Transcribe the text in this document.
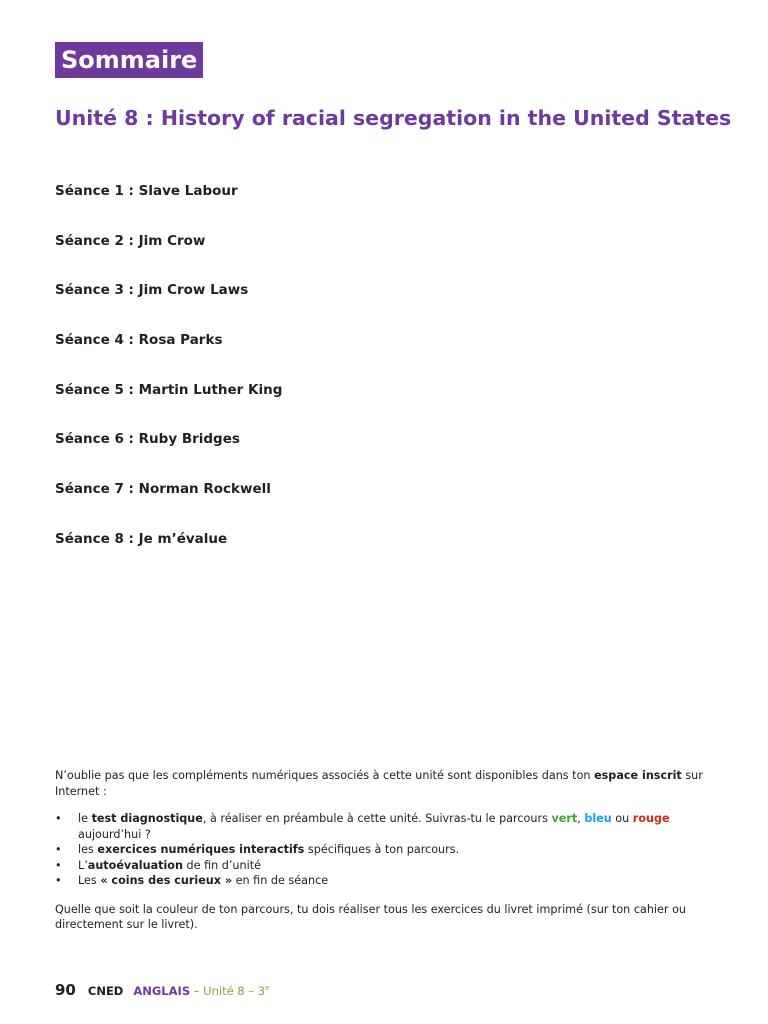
Sommaire
Unité 8 : History of racial segregation in the United States
Séance 1 : Slave Labour
Séance 2 : Jim Crow
Séance 3 : Jim Crow Laws
Séance 4 : Rosa Parks
Séance 5 : Martin Luther King
Séance 6 : Ruby Bridges
Séance 7 : Norman Rockwell
Séance 8 : Je m’évalue

N’oublie pas que les compléments numériques associés à cette unité sont disponibles dans ton espace inscrit sur Internet :

• le test diagnostique, à réaliser en préambule à cette unité. Suivras-tu le parcours vert, bleu ou rouge
aujourd’hui ?
• les exercices numériques interactifs spécifiques à ton parcours.
• L’autoévaluation de fin d’unité
• Les « coins des curieux » en fin de séance

Quelle que soit la couleur de ton parcours, tu dois réaliser tous les exercices du livret imprimé (sur ton cahier ou directement sur le livret).

90 CNED ANGLAIS – Unité 8 – 3e
